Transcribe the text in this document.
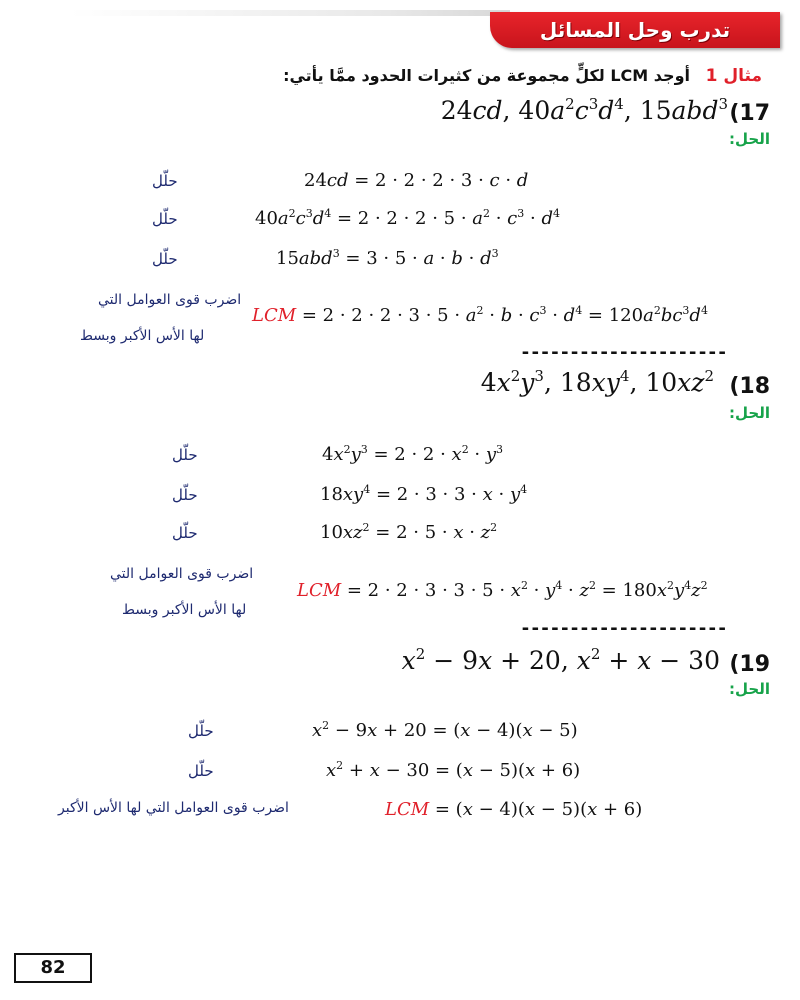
تدرب وحل المسائل
مثال 1
أوجد LCM لكلٍّ مجموعة من كثيرات الحدود ممَّا يأتي:
(17
24cd, $40a^2c^3d^4$, 15abd$^3$
الحل:
حلّل	24cd = 2 · 2 · 2 · 3 · c · d
حلّل	$40a^2c^3d^4 = 2 \cdot 2 \cdot 2 \cdot 5 \cdot a^2 \cdot c^3 \cdot d^4$
حلّل	$15abd^3 = 3 \cdot 5 \cdot a \cdot b \cdot d^3$
اضرب قوى العوامل التي
لها الأس الأكبر وبسط
LCM = $2 \cdot 2 \cdot 2 \cdot 3 \cdot 5 \cdot a^2 \cdot b \cdot c^3 \cdot d^4 = 120a^2bc^3d^4$
---------------------
(18
$4x^2y^3$, $18xy^4$, $10xz^2$
الحل:
حلّل	$4x^2y^3 = 2 \cdot 2 \cdot x^2 \cdot y^3$
حلّل	$18xy^4 = 2 \cdot 3 \cdot 3 \cdot x \cdot y^4$
حلّل	$10xz^2 = 2 \cdot 5 \cdot x \cdot z^2$
اضرب قوى العوامل التي
لها الأس الأكبر وبسط
LCM = $2 \cdot 2 \cdot 3 \cdot 3 \cdot 5 \cdot x^2 \cdot y^4 \cdot z^2 = 180x^2y^4z^2$
---------------------
(19
$x^2 - 9x + 20$, $x^2 + x - 30$
الحل:
حلّل	$x^2 - 9x + 20 = (x - 4)(x - 5)$
حلّل	$x^2 + x - 30 = (x - 5)(x + 6)$
اضرب قوى العوامل التي لها الأس الأكبر	LCM = (x − 4)(x − 5)(x + 6)
82
